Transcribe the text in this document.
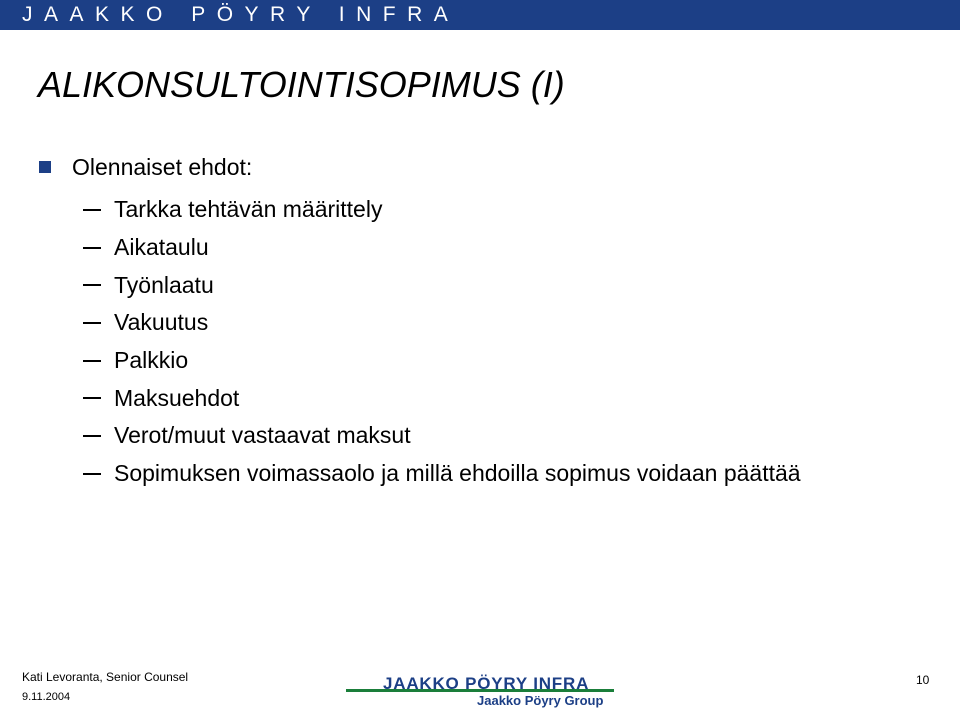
JAAKKO PÖYRY INFRA
ALIKONSULTOINTISOPIMUS (I)
Olennaiset ehdot:
Tarkka tehtävän määrittely
Aikataulu
Työnlaatu
Vakuutus
Palkkio
Maksuehdot
Verot/muut vastaavat maksut
Sopimuksen voimassaolo ja millä ehdoilla sopimus voidaan päättää
Kati Levoranta, Senior Counsel
9.11.2004
JAAKKO PÖYRY INFRA
Jaakko Pöyry Group
10
